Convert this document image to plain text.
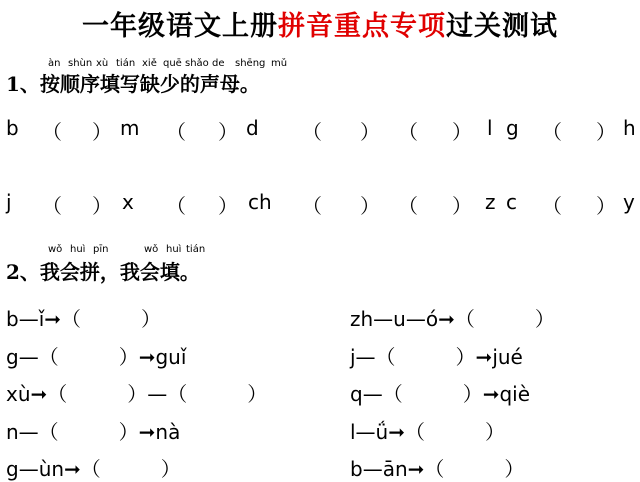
一年级语文上册拼音重点专项过关测试
àn shùn xù tián xiě quē shǎo de shēng mǔ
1、按顺序填写缺少的声母。
b （ ） m （ ） d （ ） （ ） l g （ ） h
j （ ） x （ ） ch （ ） （ ） z c （ ） y
wǒ huì pīn	wǒ huì tián
2、我会拼，我会填。
b—ǐ➞（　　　）
g—（　　　）➞guǐ
xù➞（　　　）—（　　　）
n—（　　　）➞nà
g—ùn➞（　　　）
zh—u—ó➞（　　　）
j—（　　　）➞jué
q—（　　　）➞qiè
l—ǘ➞（　　　）
b—ān➞（　　　）
